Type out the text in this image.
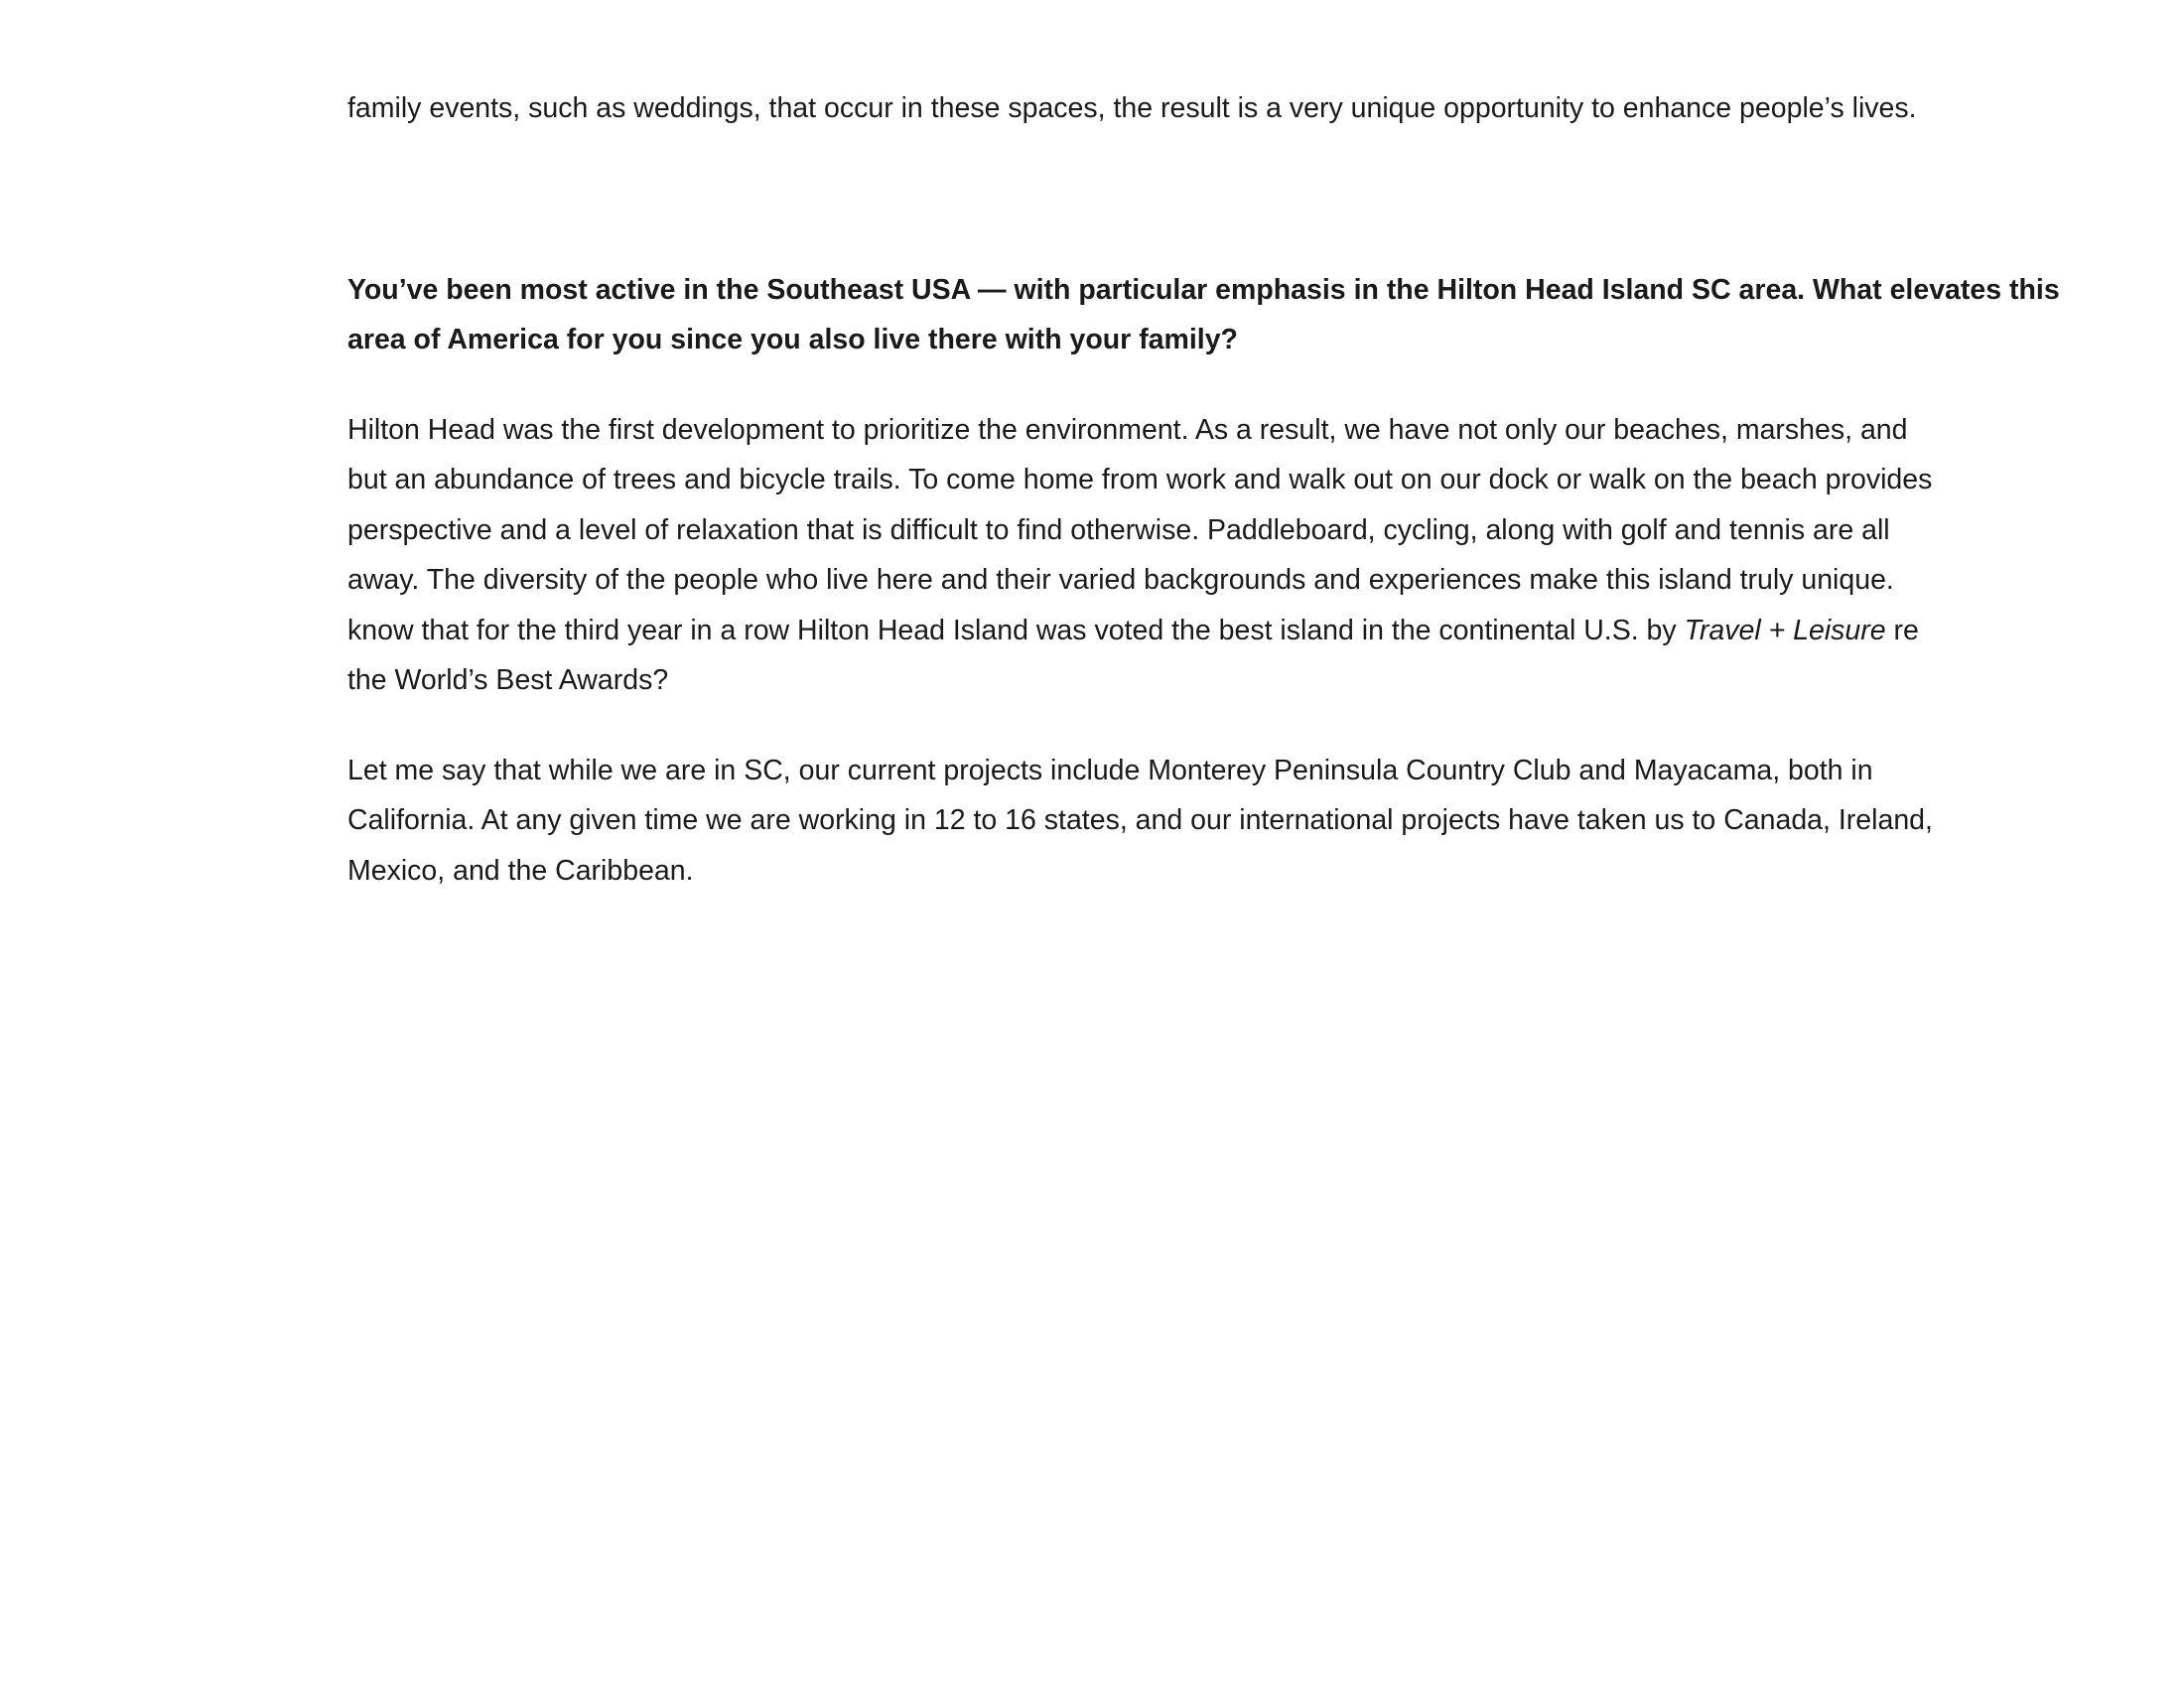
family events, such as weddings, that occur in these spaces, the result is a very unique opportunity to enhance people’s lives.
You’ve been most active in the Southeast USA — with particular emphasis in the Hilton Head Island SC area. What elevates this
area of America for you since you also live there with your family?
Hilton Head was the first development to prioritize the environment. As a result, we have not only our beaches, marshes, and
but an abundance of trees and bicycle trails. To come home from work and walk out on our dock or walk on the beach provides
perspective and a level of relaxation that is difficult to find otherwise. Paddleboard, cycling, along with golf and tennis are all
away. The diversity of the people who live here and their varied backgrounds and experiences make this island truly unique.
know that for the third year in a row Hilton Head Island was voted the best island in the continental U.S. by Travel + Leisure re
the World’s Best Awards?
Let me say that while we are in SC, our current projects include Monterey Peninsula Country Club and Mayacama, both in
California. At any given time we are working in 12 to 16 states, and our international projects have taken us to Canada, Ireland,
Mexico, and the Caribbean.
